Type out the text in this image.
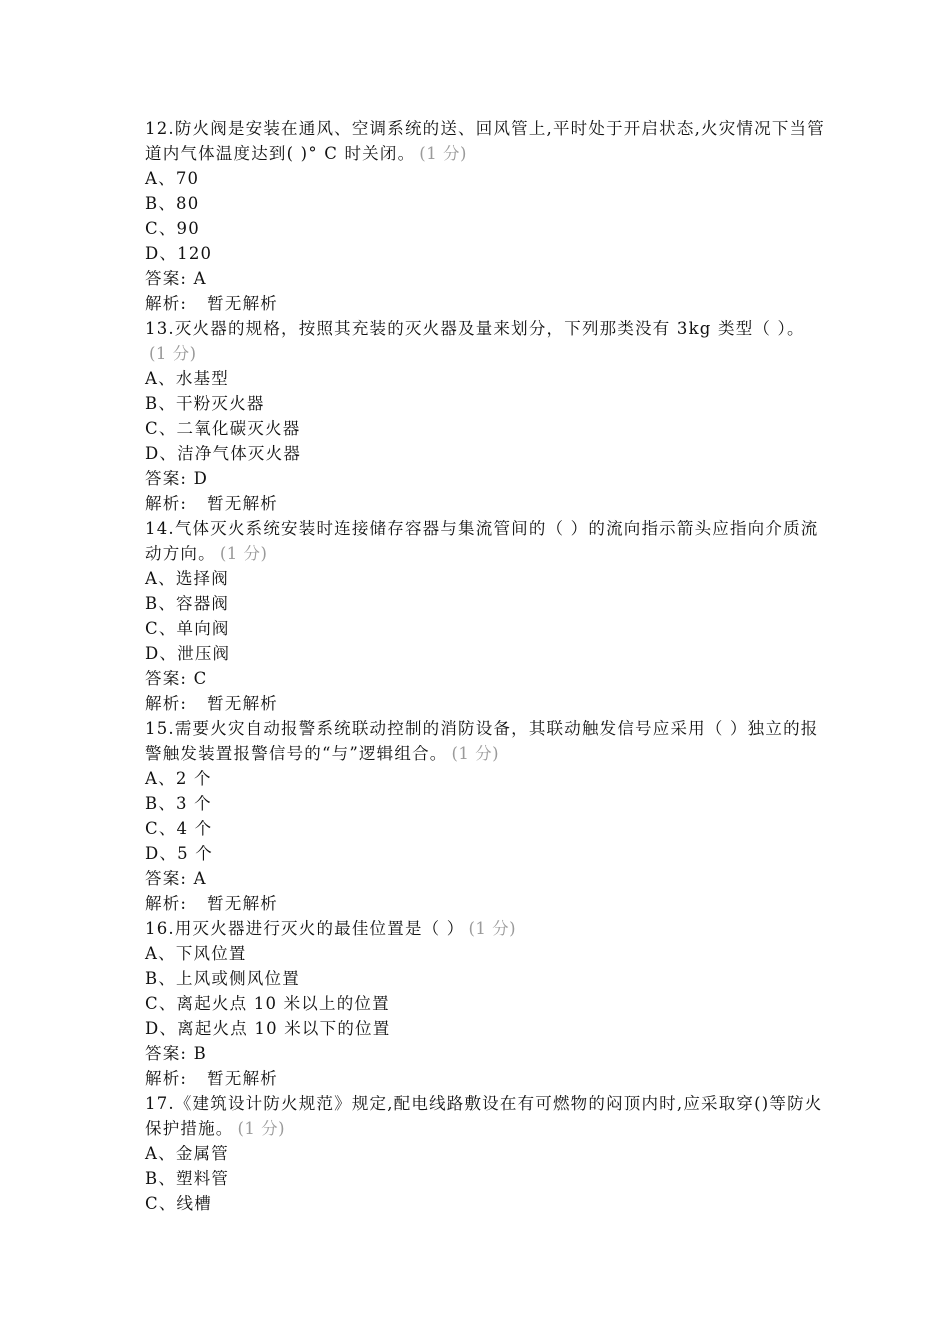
12.防火阀是安装在通风、空调系统的送、回风管上,平时处于开启状态,火灾情况下当管道内气体温度达到( )° C 时关闭。 (1 分)

A、70

B、80

C、90

D、120

答案: A

解析: 暂无解析

13.灭火器的规格，按照其充装的灭火器及量来划分，下列那类没有 3kg 类型（ ）。(1 分)

A、水基型

B、干粉灭火器

C、二氧化碳灭火器

D、洁净气体灭火器

答案: D

解析: 暂无解析

14.气体灭火系统安装时连接储存容器与集流管间的（ ）的流向指示箭头应指向介质流动方向。 (1 分)

A、选择阀

B、容器阀

C、单向阀

D、泄压阀

答案: C

解析: 暂无解析

15.需要火灾自动报警系统联动控制的消防设备，其联动触发信号应采用（ ）独立的报警触发装置报警信号的“与”逻辑组合。 (1 分)

A、2 个

B、3 个

C、4 个

D、5 个

答案: A

解析: 暂无解析

16.用灭火器进行灭火的最佳位置是（ ） (1 分)

A、下风位置

B、上风或侧风位置

C、离起火点 10 米以上的位置

D、离起火点 10 米以下的位置

答案: B

解析: 暂无解析

17.《建筑设计防火规范》规定,配电线路敷设在有可燃物的闷顶内时,应采取穿()等防火保护措施。 (1 分)

A、金属管

B、塑料管

C、线槽
